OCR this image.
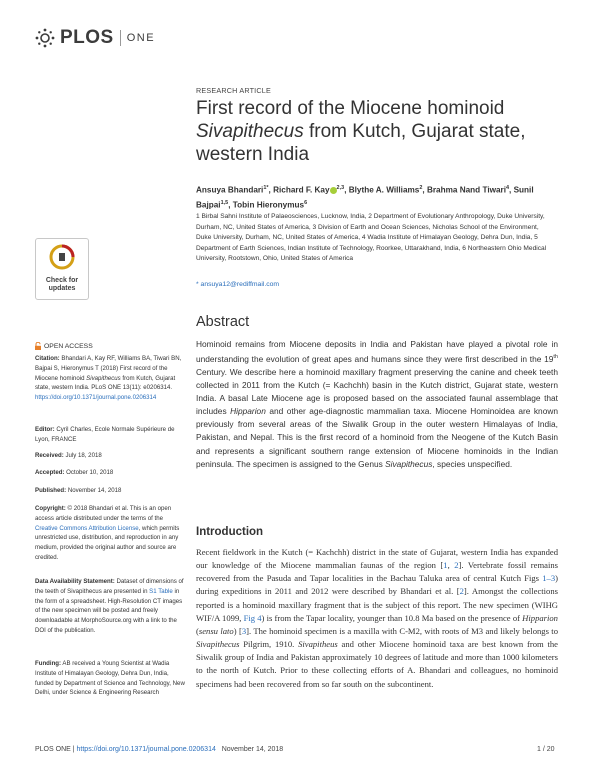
PLOS ONE
Check for
updates
RESEARCH ARTICLE
First record of the Miocene hominoid
Sivapithecus from Kutch, Gujarat state,
western India
Ansuya Bhandari$^{1*}$, Richard F. Kay $^{2,3}$, Blythe A. Williams$^2$, Brahma Nand Tiwari$^4$, Sunil Bajpai$^{1,5}$, Tobin Hieronymus$^6$
1 Birbal Sahni Institute of Palaeosciences, Lucknow, India, 2 Department of Evolutionary Anthropology, Duke University, Durham, NC, United States of America, 3 Division of Earth and Ocean Sciences, Nicholas School of the Environment, Duke University, Durham, NC, United States of America, 4 Wadia Institute of Himalayan Geology, Dehra Dun, India, 5 Department of Earth Sciences, Indian Institute of Technology, Roorkee, Uttarakhand, India, 6 Northeastern Ohio Medical University, Rootstown, Ohio, United States of America
* ansuya12@rediffmail.com
Abstract
Hominoid remains from Miocene deposits in India and Pakistan have played a pivotal role in understanding the evolution of great apes and humans since they were first described in the 19th Century. We describe here a hominoid maxillary fragment preserving the canine and cheek teeth collected in 2011 from the Kutch (= Kachchh) basin in the Kutch district, Gujarat state, western India. A basal Late Miocene age is proposed based on the associated faunal assemblage that includes Hipparion and other age-diagnostic mammalian taxa. Miocene Hominoidea are known previously from several areas of the Siwalik Group in the outer western Himalayas of India, Pakistan, and Nepal. This is the first record of a hominoid from the Neogene of the Kutch Basin and represents a significant southern range extension of Miocene hominoids in the Indian peninsula. The specimen is assigned to the Genus Sivapithecus, species unspecified.
Introduction
Recent fieldwork in the Kutch (= Kachchh) district in the state of Gujarat, western India has expanded our knowledge of the Miocene mammalian faunas of the region [1, 2]. Vertebrate fossil remains recovered from the Pasuda and Tapar localities in the Bachau Taluka area of central Kutch Figs 1–3) during expeditions in 2011 and 2012 were described by Bhandari et al. [2]. Amongst the collections reported is a hominoid maxillary fragment that is the subject of this report. The new specimen (WIHG WIF/A 1099, Fig 4) is from the Tapar locality, younger than 10.8 Ma based on the presence of Hipparion (sensu lato) [3]. The hominoid specimen is a maxilla with C-M2, with roots of M3 and likely belongs to Sivapithecus Pilgrim, 1910. Sivapitheus and other Miocene hominoid taxa are best known from the Siwalik group of India and Pakistan approximately 10 degrees of latitude and more than 1000 kilometers to the north of Kutch. Prior to these collecting efforts of A. Bhandari and colleagues, no hominoid specimens had been recovered from so far south on the subcontinent.
OPEN ACCESS
Citation: Bhandari A, Kay RF, Williams BA, Tiwari BN, Bajpai S, Hieronymus T (2018) First record of the Miocene hominoid Sivapithecus from Kutch, Gujarat state, western India. PLoS ONE 13(11): e0206314. https://doi.org/10.1371/journal.pone.0206314
Editor: Cyril Charles, Ecole Normale Supérieure de Lyon, FRANCE
Received: July 18, 2018
Accepted: October 10, 2018
Published: November 14, 2018
Copyright: © 2018 Bhandari et al. This is an open access article distributed under the terms of the Creative Commons Attribution License, which permits unrestricted use, distribution, and reproduction in any medium, provided the original author and source are credited.
Data Availability Statement: Dataset of dimensions of the teeth of Sivapithecus are presented in S1 Table in the form of a spreadsheet. High-Resolution CT images of the new specimen will be posted and freely downloadable at MorphoSource.org with a link to the DOI of the publication.
Funding: AB received a Young Scientist at Wadia Institute of Himalayan Geology, Dehra Dun, India, funded by Department of Science and Technology, New Delhi, under Science & Engineering Research
PLOS ONE | https://doi.org/10.1371/journal.pone.0206314 November 14, 2018	1 / 20
